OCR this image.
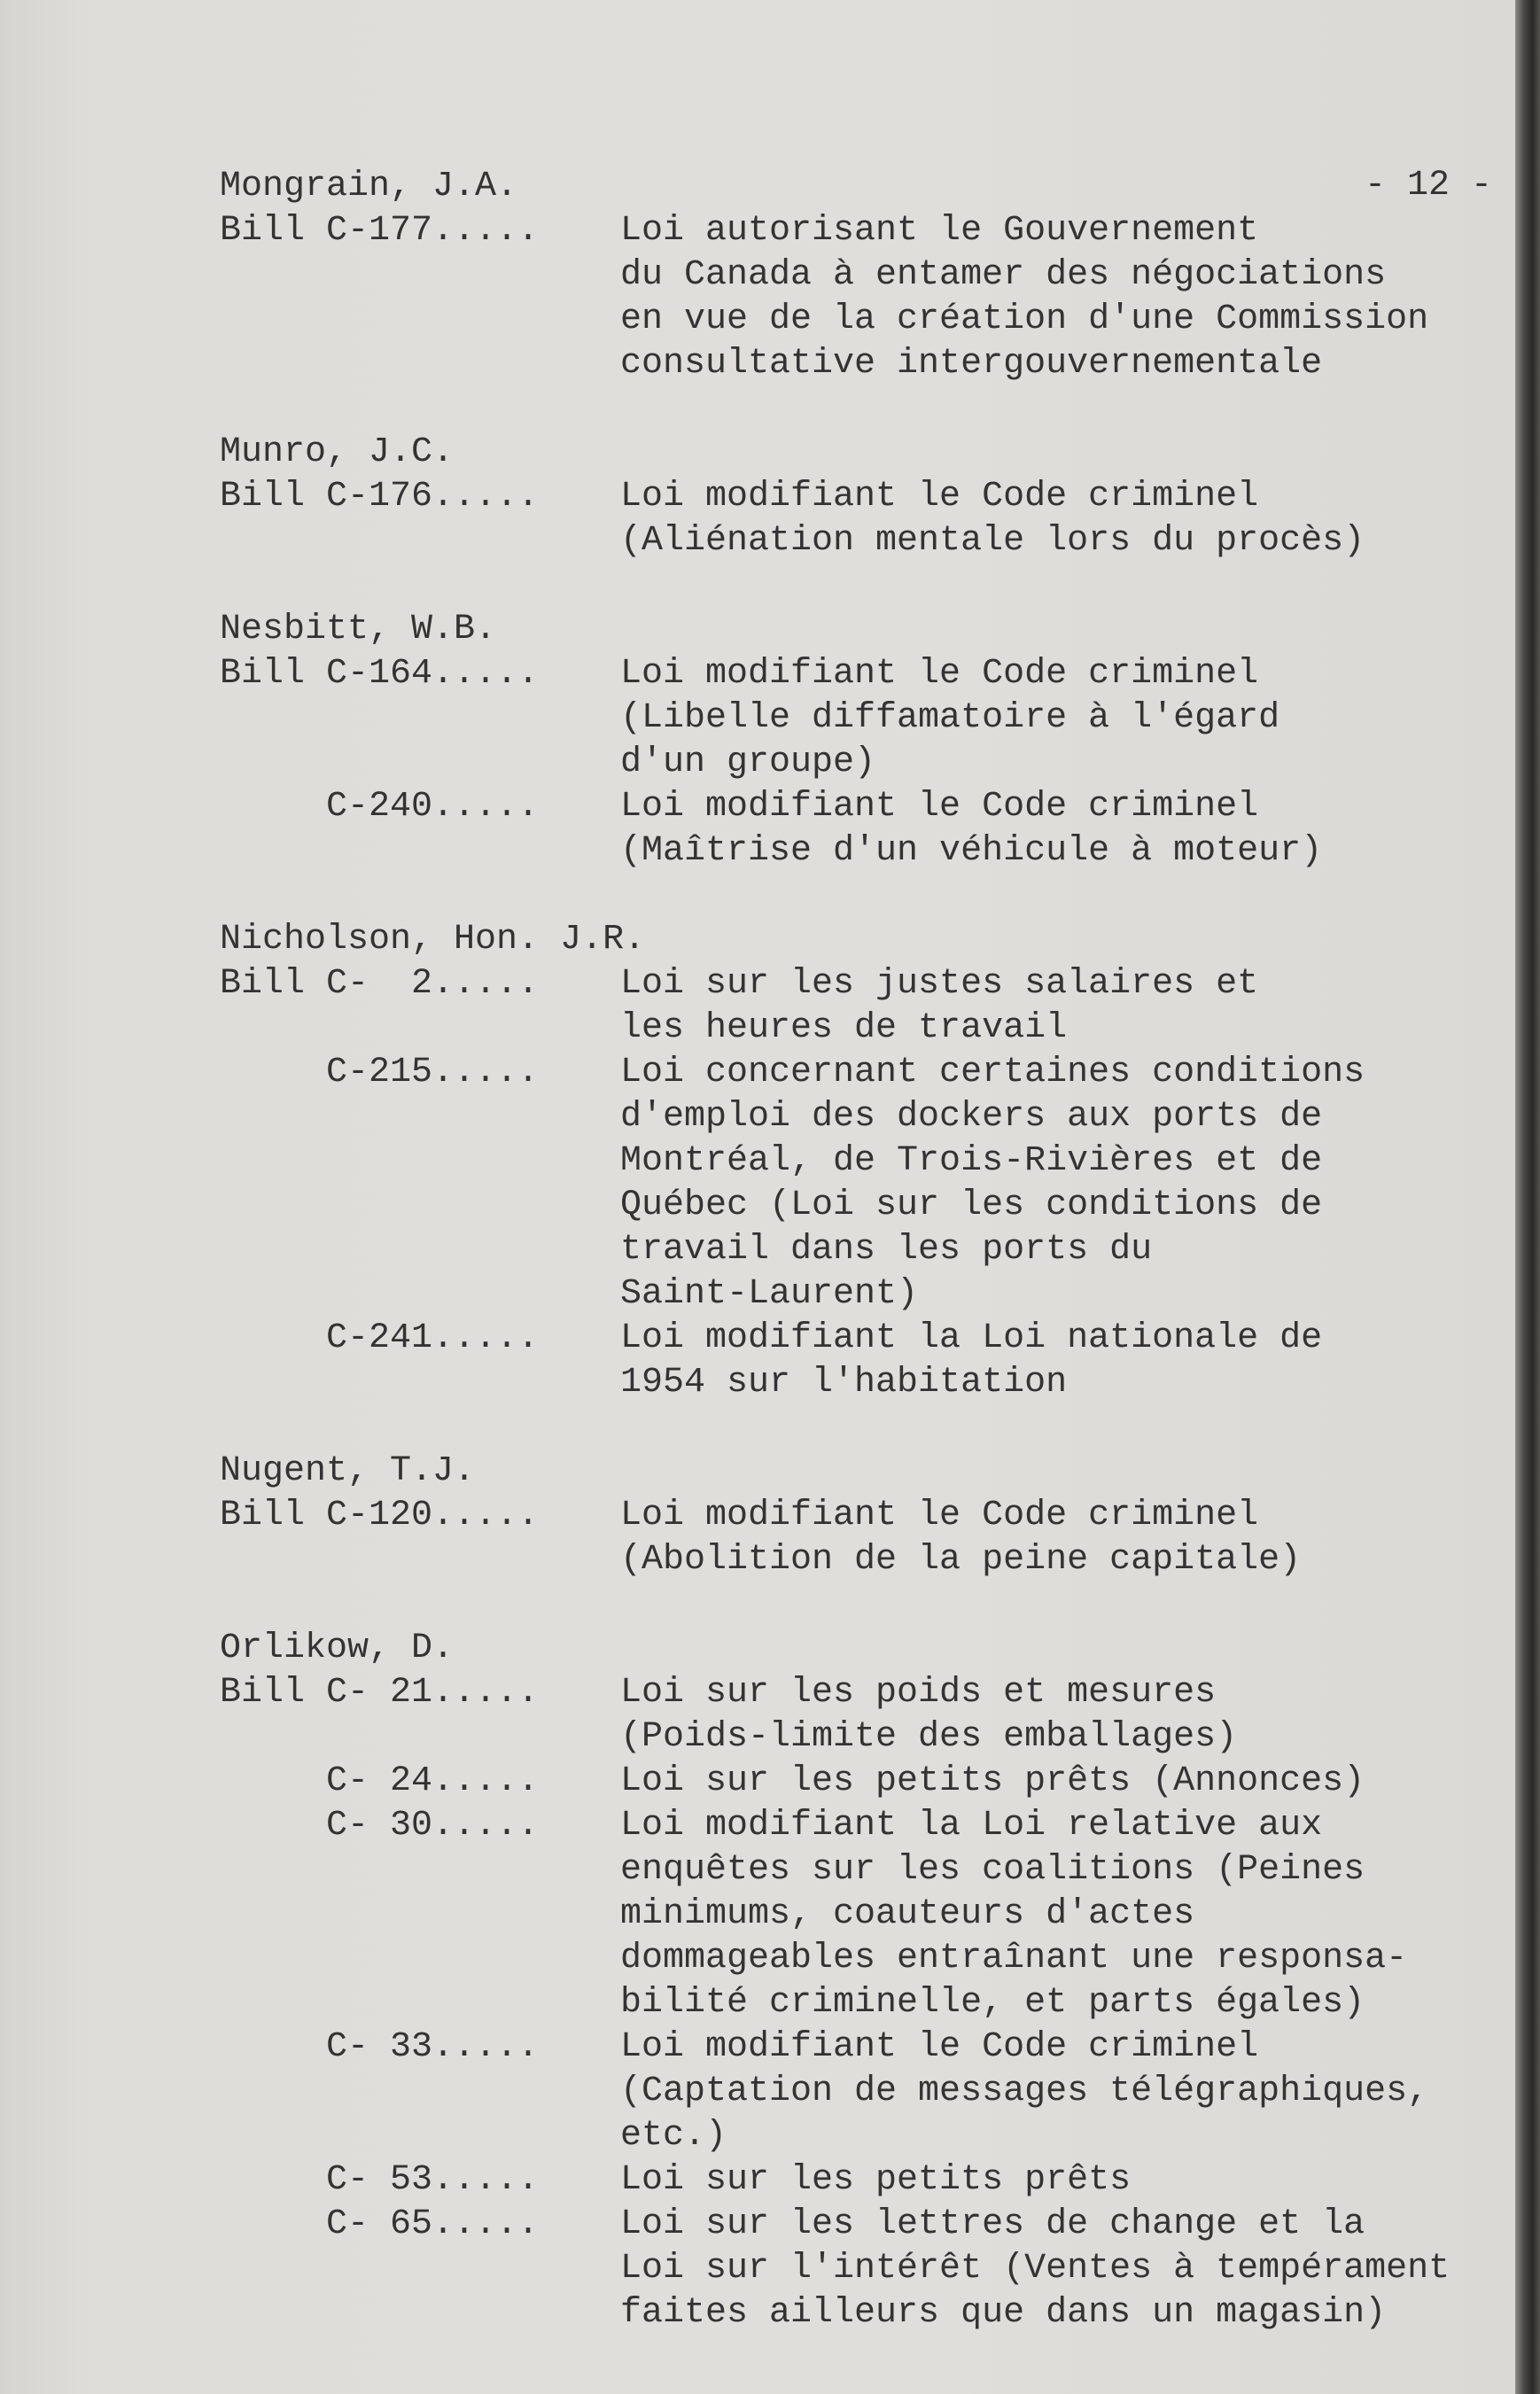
- 12 -
Mongrain, J.A.
Bill C-177.....	Loi autorisant le Gouvernement
du Canada à entamer des négociations
en vue de la création d'une Commission
consultative intergouvernementale
Munro, J.C.
Bill C-176.....	Loi modifiant le Code criminel
(Aliénation mentale lors du procès)
Nesbitt, W.B.
Bill C-164.....	Loi modifiant le Code criminel
(Libelle diffamatoire à l'égard
d'un groupe)
C-240.....	Loi modifiant le Code criminel
(Maîtrise d'un véhicule à moteur)
Nicholson, Hon. J.R.
Bill C-  2.....	Loi sur les justes salaires et
les heures de travail
C-215.....	Loi concernant certaines conditions
d'emploi des dockers aux ports de
Montréal, de Trois-Rivières et de
Québec (Loi sur les conditions de
travail dans les ports du
Saint-Laurent)
C-241.....	Loi modifiant la Loi nationale de
1954 sur l'habitation
Nugent, T.J.
Bill C-120.....	Loi modifiant le Code criminel
(Abolition de la peine capitale)
Orlikow, D.
Bill C- 21.....	Loi sur les poids et mesures
(Poids-limite des emballages)
C- 24.....	Loi sur les petits prêts (Annonces)
C- 30.....	Loi modifiant la Loi relative aux
enquêtes sur les coalitions (Peines
minimums, coauteurs d'actes
dommageables entraînant une responsa-
bilité criminelle, et parts égales)
C- 33.....	Loi modifiant le Code criminel
(Captation de messages télégraphiques,
etc.)
C- 53.....	Loi sur les petits prêts
C- 65.....	Loi sur les lettres de change et la
Loi sur l'intérêt (Ventes à tempérament
faites ailleurs que dans un magasin)
